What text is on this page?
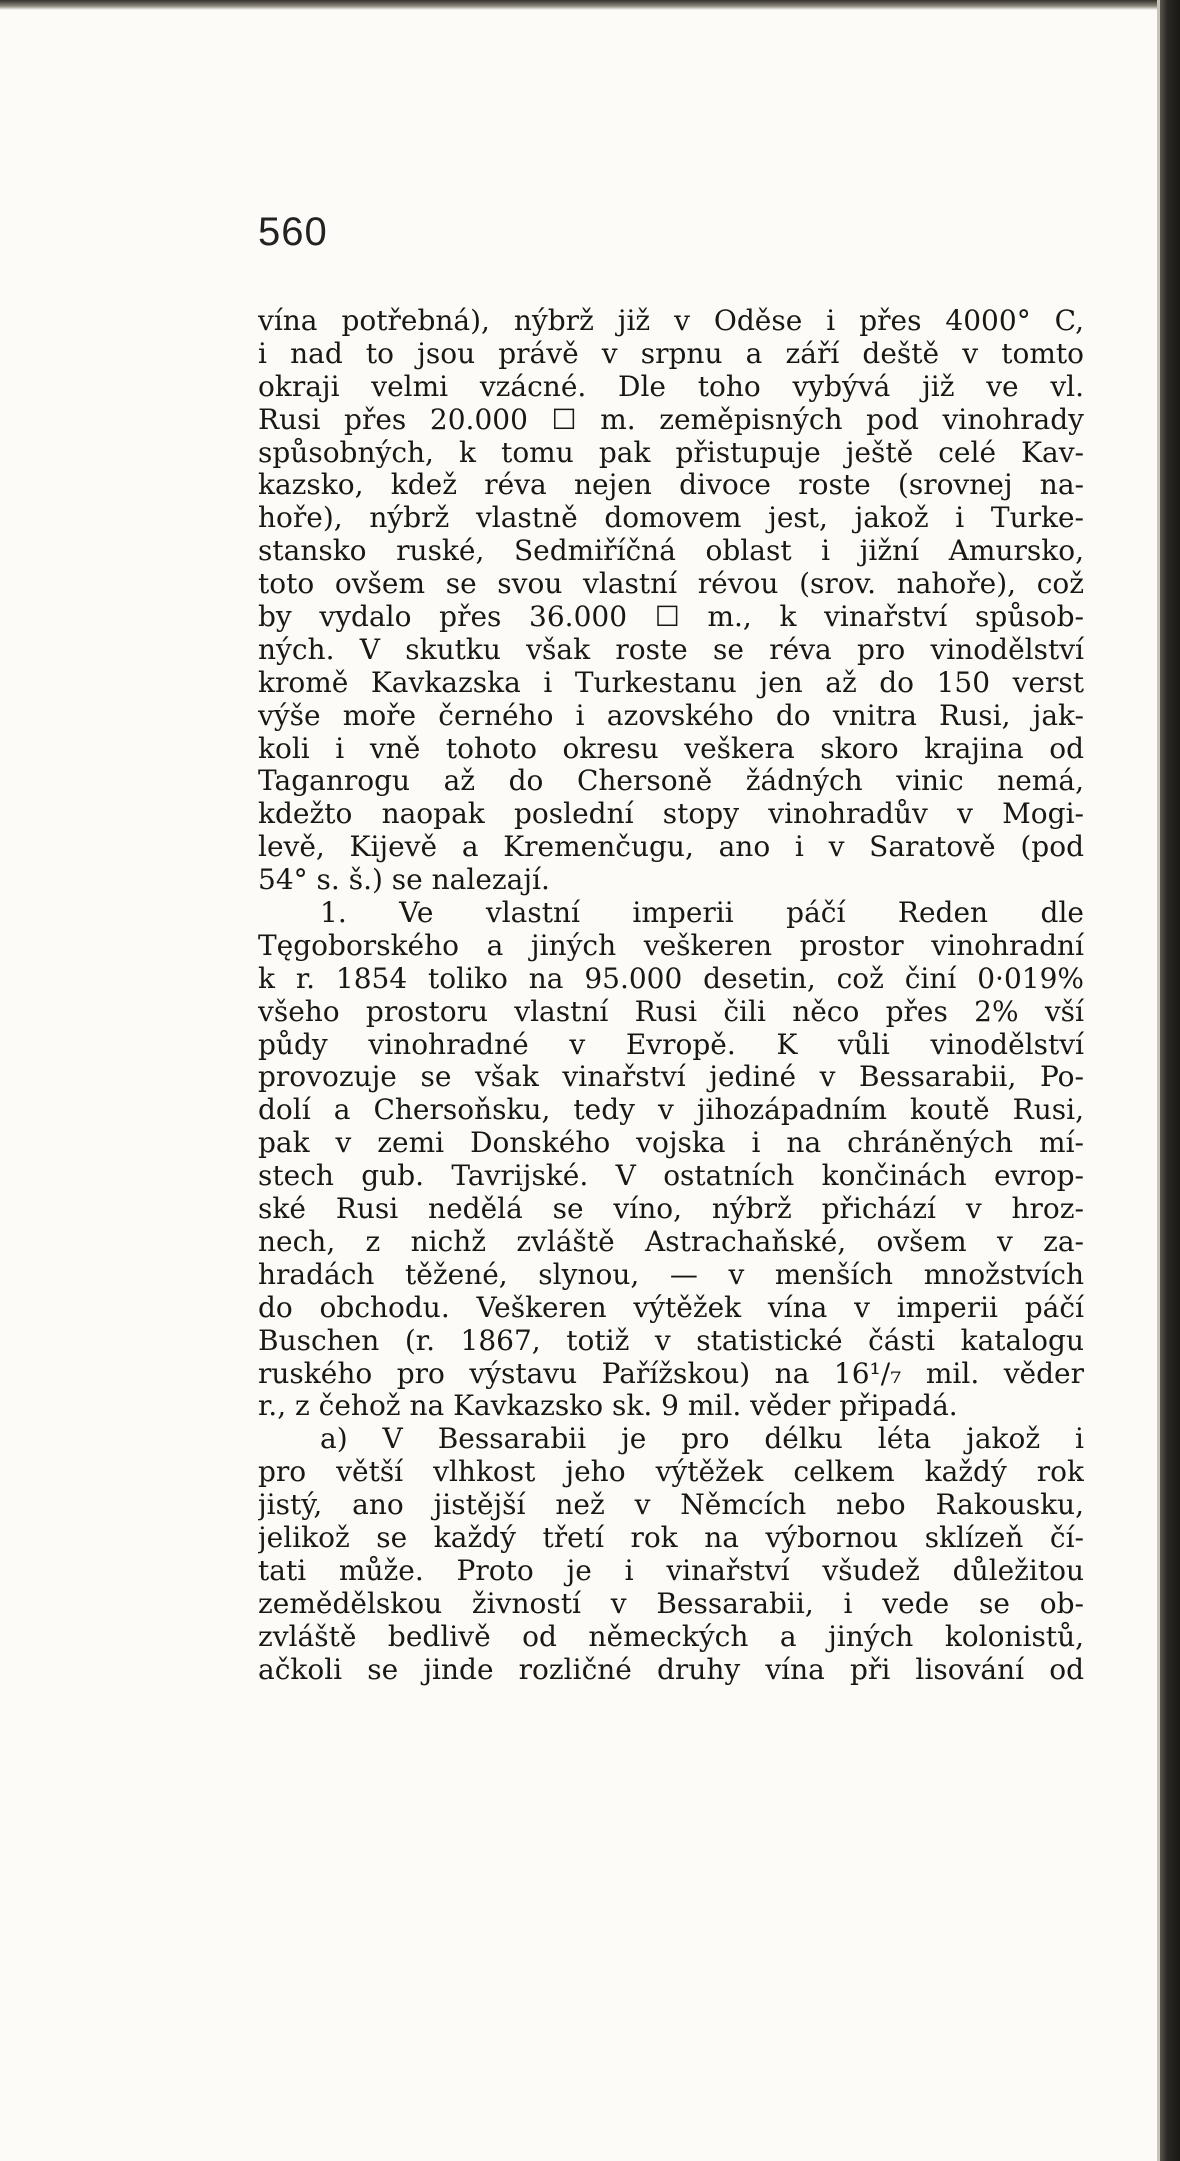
560
vína potřebná), nýbrž již v Oděse i přes 4000° C,
i nad to jsou právě v srpnu a září deště v tomto
okraji velmi vzácné. Dle toho vybývá již ve vl.
Rusi přes 20.000 ☐ m. zeměpisných pod vinohrady
spůsobných, k tomu pak přistupuje ještě celé Kav-
kazsko, kdež réva nejen divoce roste (srovnej na-
hoře), nýbrž vlastně domovem jest, jakož i Turke-
stansko ruské, Sedmiříčná oblast i jižní Amursko,
toto ovšem se svou vlastní révou (srov. nahoře), což
by vydalo přes 36.000 ☐ m., k vinařství spůsob-
ných. V skutku však roste se réva pro vinodělství
kromě Kavkazska i Turkestanu jen až do 150 verst
výše moře černého i azovského do vnitra Rusi, jak-
koli i vně tohoto okresu veškera skoro krajina od
Taganrogu až do Chersoně žádných vinic nemá,
kdežto naopak poslední stopy vinohradův v Mogi-
levě, Kijevě a Kremenčugu, ano i v Saratově (pod
54° s. š.) se nalezají.
1. Ve vlastní imperii páčí Reden dle
Tęgoborského a jiných veškeren prostor vinohradní
k r. 1854 toliko na 95.000 desetin, což činí 0·019%
všeho prostoru vlastní Rusi čili něco přes 2% vší
půdy vinohradné v Evropě. K vůli vinodělství
provozuje se však vinařství jediné v Bessarabii, Po-
dolí a Chersoňsku, tedy v jihozápadním koutě Rusi,
pak v zemi Donského vojska i na chráněných mí-
stech gub. Tavrijské. V ostatních končinách evrop-
ské Rusi nedělá se víno, nýbrž přichází v hroz-
nech, z nichž zvláště Astrachaňské, ovšem v za-
hradách těžené, slynou, — v menších množstvích
do obchodu. Veškeren výtěžek vína v imperii páčí
Buschen (r. 1867, totiž v statistické části katalogu
ruského pro výstavu Pařížskou) na 16¹/₇ mil. věder
r., z čehož na Kavkazsko sk. 9 mil. věder připadá.
a) V Bessarabii je pro délku léta jakož i
pro větší vlhkost jeho výtěžek celkem každý rok
jistý, ano jistější než v Němcích nebo Rakousku,
jelikož se každý třetí rok na výbornou sklízeň čí-
tati může. Proto je i vinařství všudež důležitou
zemědělskou živností v Bessarabii, i vede se ob-
zvláště bedlivě od německých a jiných kolonistů,
ačkoli se jinde rozličné druhy vína při lisování od
